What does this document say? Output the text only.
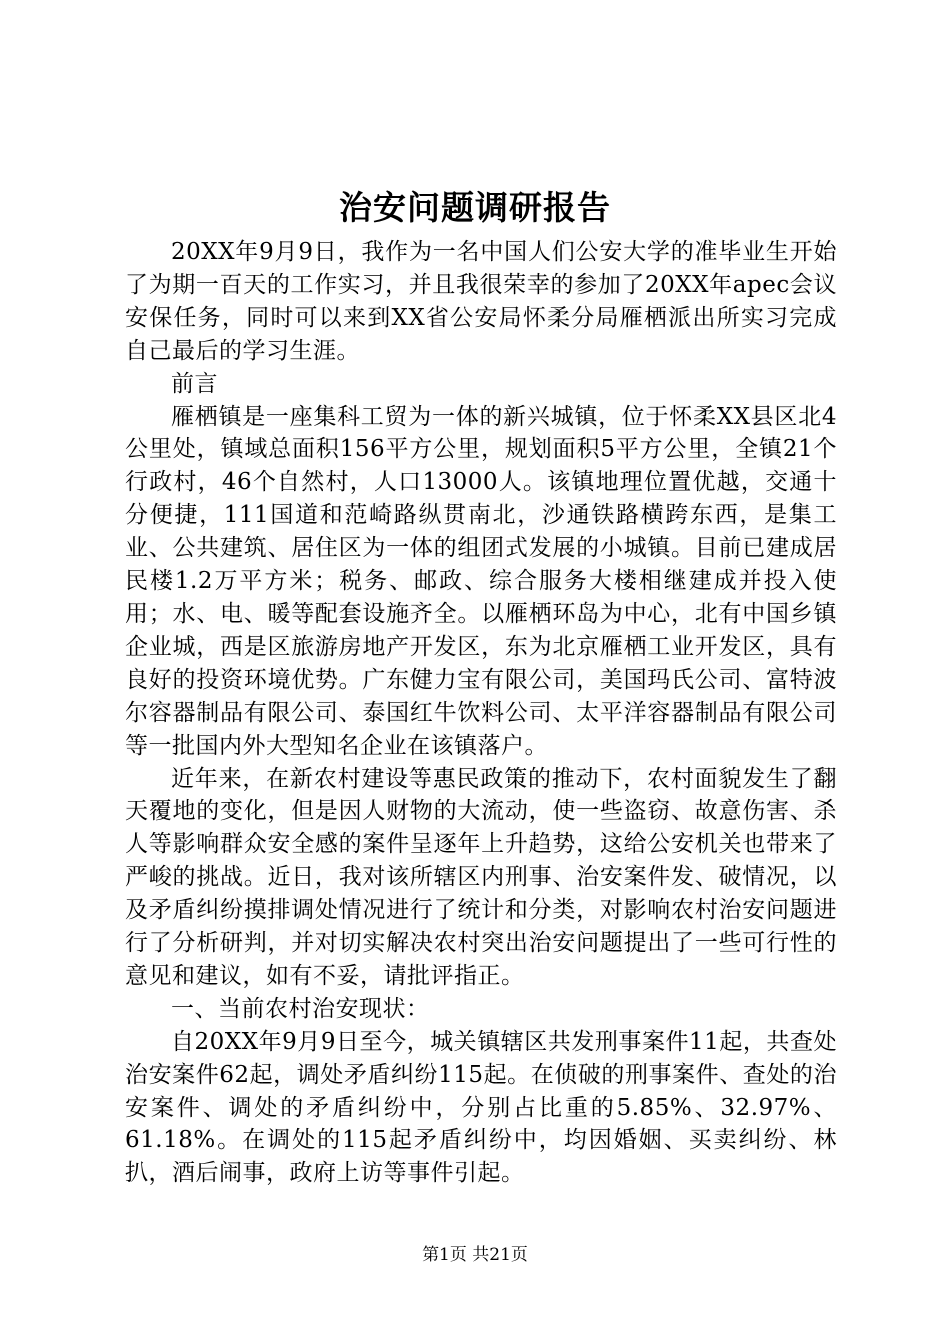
治安问题调研报告

20XX年9月9日，我作为一名中国人们公安大学的准毕业生开始了为期一百天的工作实习，并且我很荣幸的参加了20XX年apec会议安保任务，同时可以来到XX省公安局怀柔分局雁栖派出所实习完成自己最后的学习生涯。

前言

雁栖镇是一座集科工贸为一体的新兴城镇，位于怀柔XX县区北4公里处，镇域总面积156平方公里，规划面积5平方公里，全镇21个行政村，46个自然村，人口13000人。该镇地理位置优越，交通十分便捷，111国道和范崎路纵贯南北，沙通铁路横跨东西，是集工业、公共建筑、居住区为一体的组团式发展的小城镇。目前已建成居民楼1.2万平方米；税务、邮政、综合服务大楼相继建成并投入使用；水、电、暖等配套设施齐全。以雁栖环岛为中心，北有中国乡镇企业城，西是区旅游房地产开发区，东为北京雁栖工业开发区，具有良好的投资环境优势。广东健力宝有限公司，美国玛氏公司、富特波尔容器制品有限公司、泰国红牛饮料公司、太平洋容器制品有限公司等一批国内外大型知名企业在该镇落户。

近年来，在新农村建设等惠民政策的推动下，农村面貌发生了翻天覆地的变化，但是因人财物的大流动，使一些盗窃、故意伤害、杀人等影响群众安全感的案件呈逐年上升趋势，这给公安机关也带来了严峻的挑战。近日，我对该所辖区内刑事、治安案件发、破情况，以及矛盾纠纷摸排调处情况进行了统计和分类，对影响农村治安问题进行了分析研判，并对切实解决农村突出治安问题提出了一些可行性的意见和建议，如有不妥，请批评指正。

一、当前农村治安现状：

自20XX年9月9日至今，城关镇辖区共发刑事案件11起，共查处治安案件62起，调处矛盾纠纷115起。在侦破的刑事案件、查处的治安案件、调处的矛盾纠纷中，分别占比重的5.85%、32.97%、61.18%。在调处的115起矛盾纠纷中，均因婚姻、买卖纠纷、林扒，酒后闹事，政府上访等事件引起。

第1页 共21页
